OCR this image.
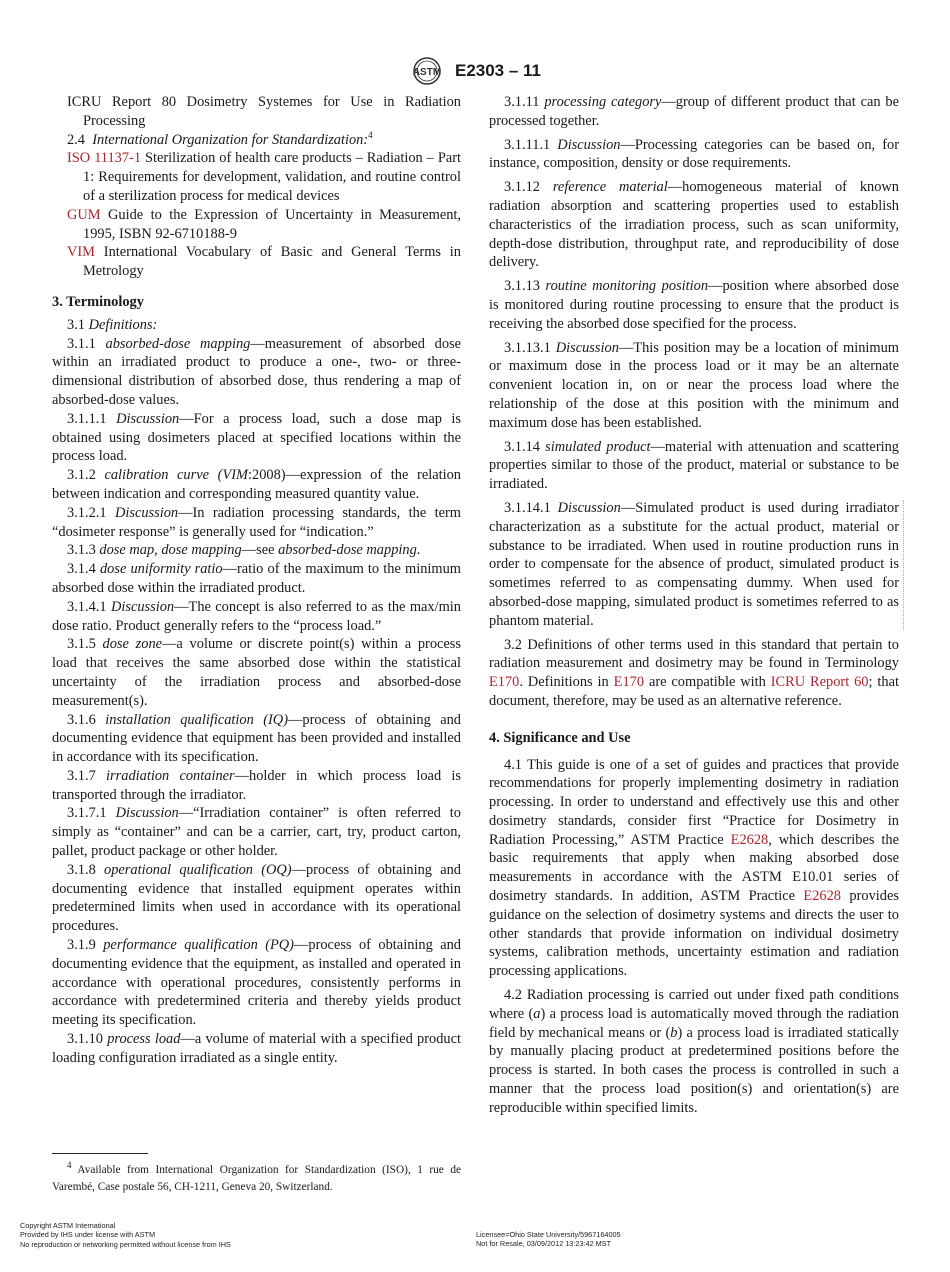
ASTM E2303 – 11

ICRU Report 80 Dosimetry Systemes for Use in Radiation Processing

2.4 International Organization for Standardization:$^4$

ISO 11137-1 Sterilization of health care products – Radiation – Part 1: Requirements for development, validation, and routine control of a sterilization process for medical devices

GUM Guide to the Expression of Uncertainty in Measurement, 1995, ISBN 92-6710188-9

VIM International Vocabulary of Basic and General Terms in Metrology

3. Terminology

3.1 Definitions:

3.1.1 absorbed-dose mapping—measurement of absorbed dose within an irradiated product to produce a one-, two- or three-dimensional distribution of absorbed dose, thus rendering a map of absorbed-dose values.

3.1.1.1 Discussion—For a process load, such a dose map is obtained using dosimeters placed at specified locations within the process load.

3.1.2 calibration curve (VIM:2008)—expression of the relation between indication and corresponding measured quantity value.

3.1.2.1 Discussion—In radiation processing standards, the term “dosimeter response” is generally used for “indication.”

3.1.3 dose map, dose mapping—see absorbed-dose mapping.

3.1.4 dose uniformity ratio—ratio of the maximum to the minimum absorbed dose within the irradiated product.

3.1.4.1 Discussion—The concept is also referred to as the max/min dose ratio. Product generally refers to the “process load.”

3.1.5 dose zone—a volume or discrete point(s) within a process load that receives the same absorbed dose within the statistical uncertainty of the irradiation process and absorbed-dose measurement(s).

3.1.6 installation qualification (IQ)—process of obtaining and documenting evidence that equipment has been provided and installed in accordance with its specification.

3.1.7 irradiation container—holder in which process load is transported through the irradiator.

3.1.7.1 Discussion—“Irradiation container” is often referred to simply as “container” and can be a carrier, cart, try, product carton, pallet, product package or other holder.

3.1.8 operational qualification (OQ)—process of obtaining and documenting evidence that installed equipment operates within predetermined limits when used in accordance with its operational procedures.

3.1.9 performance qualification (PQ)—process of obtaining and documenting evidence that the equipment, as installed and operated in accordance with operational procedures, consistently performs in accordance with predetermined criteria and thereby yields product meeting its specification.

3.1.10 process load—a volume of material with a specified product loading configuration irradiated as a single entity.

$^4$ Available from International Organization for Standardization (ISO), 1 rue de Varembé, Case postale 56, CH-1211, Geneva 20, Switzerland.

3.1.11 processing category—group of different product that can be processed together.

3.1.11.1 Discussion—Processing categories can be based on, for instance, composition, density or dose requirements.

3.1.12 reference material—homogeneous material of known radiation absorption and scattering properties used to establish characteristics of the irradiation process, such as scan uniformity, depth-dose distribution, throughput rate, and reproducibility of dose delivery.

3.1.13 routine monitoring position—position where absorbed dose is monitored during routine processing to ensure that the product is receiving the absorbed dose specified for the process.

3.1.13.1 Discussion—This position may be a location of minimum or maximum dose in the process load or it may be an alternate convenient location in, on or near the process load where the relationship of the dose at this position with the minimum and maximum dose has been established.

3.1.14 simulated product—material with attenuation and scattering properties similar to those of the product, material or substance to be irradiated.

3.1.14.1 Discussion—Simulated product is used during irradiator characterization as a substitute for the actual product, material or substance to be irradiated. When used in routine production runs in order to compensate for the absence of product, simulated product is sometimes referred to as compensating dummy. When used for absorbed-dose mapping, simulated product is sometimes referred to as phantom material.

3.2 Definitions of other terms used in this standard that pertain to radiation measurement and dosimetry may be found in Terminology E170. Definitions in E170 are compatible with ICRU Report 60; that document, therefore, may be used as an alternative reference.

4. Significance and Use

4.1 This guide is one of a set of guides and practices that provide recommendations for properly implementing dosimetry in radiation processing. In order to understand and effectively use this and other dosimetry standards, consider first “Practice for Dosimetry in Radiation Processing,” ASTM Practice E2628, which describes the basic requirements that apply when making absorbed dose measurements in accordance with the ASTM E10.01 series of dosimetry standards. In addition, ASTM Practice E2628 provides guidance on the selection of dosimetry systems and directs the user to other standards that provide information on individual dosimetry systems, calibration methods, uncertainty estimation and radiation processing applications.

4.2 Radiation processing is carried out under fixed path conditions where (a) a process load is automatically moved through the radiation field by mechanical means or (b) a process load is irradiated statically by manually placing product at predetermined positions before the process is started. In both cases the process is controlled in such a manner that the process load position(s) and orientation(s) are reproducible within specified limits.

Copyright ASTM International
Provided by IHS under license with ASTM
No reproduction or networking permitted without license from IHS
Licensee=Ohio State University/5967164005
Not for Resale, 03/09/2012 13:23:42 MST
